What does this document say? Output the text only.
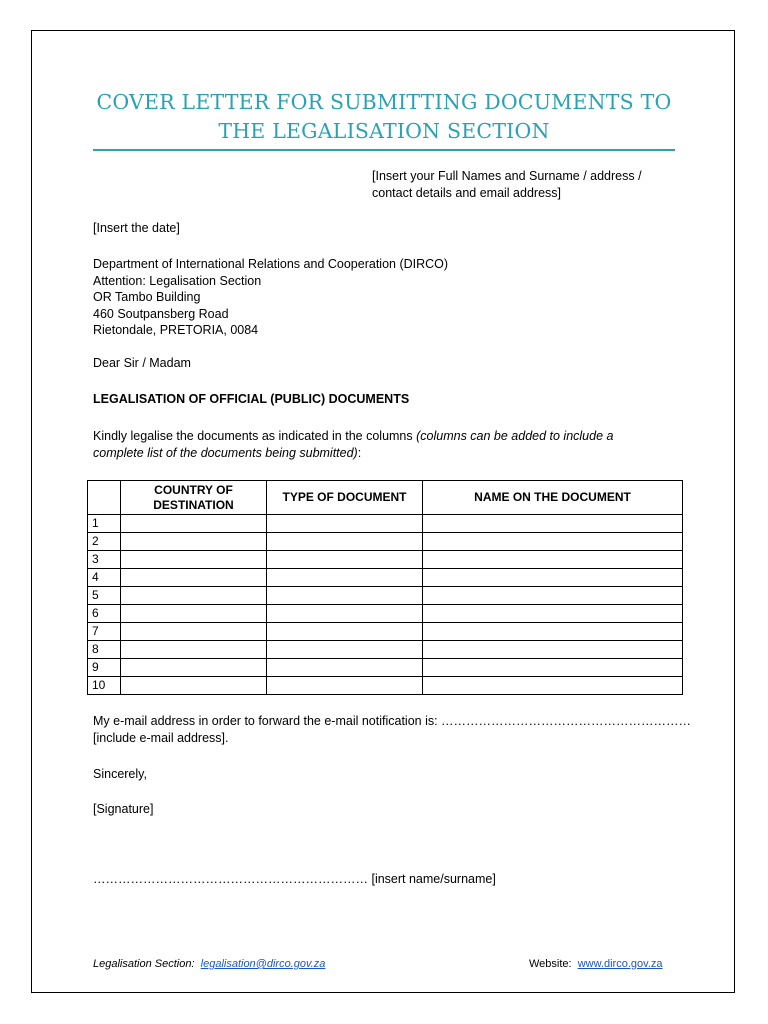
COVER LETTER FOR SUBMITTING DOCUMENTS TO
THE LEGALISATION SECTION
[Insert your Full Names and Surname / address /
contact details and email address]
[Insert the date]
Department of International Relations and Cooperation (DIRCO)
Attention: Legalisation Section
OR Tambo Building
460 Soutpansberg Road
Rietondale, PRETORIA, 0084
Dear Sir / Madam
LEGALISATION OF OFFICIAL (PUBLIC) DOCUMENTS
Kindly legalise the documents as indicated in the columns (columns can be added to include a
complete list of the documents being submitted):

	COUNTRY OF
DESTINATION	TYPE OF DOCUMENT	NAME ON THE DOCUMENT
1			
2			
3			
4			
5			
6			
7			
8			
9			
10			
My e-mail address in order to forward the e-mail notification is: ……………………………………………………
[include e-mail address].
Sincerely,
[Signature]
………………………………………………………… [insert name/surname]
Legalisation Section: legalisation@dirco.gov.za	Website: www.dirco.gov.za
